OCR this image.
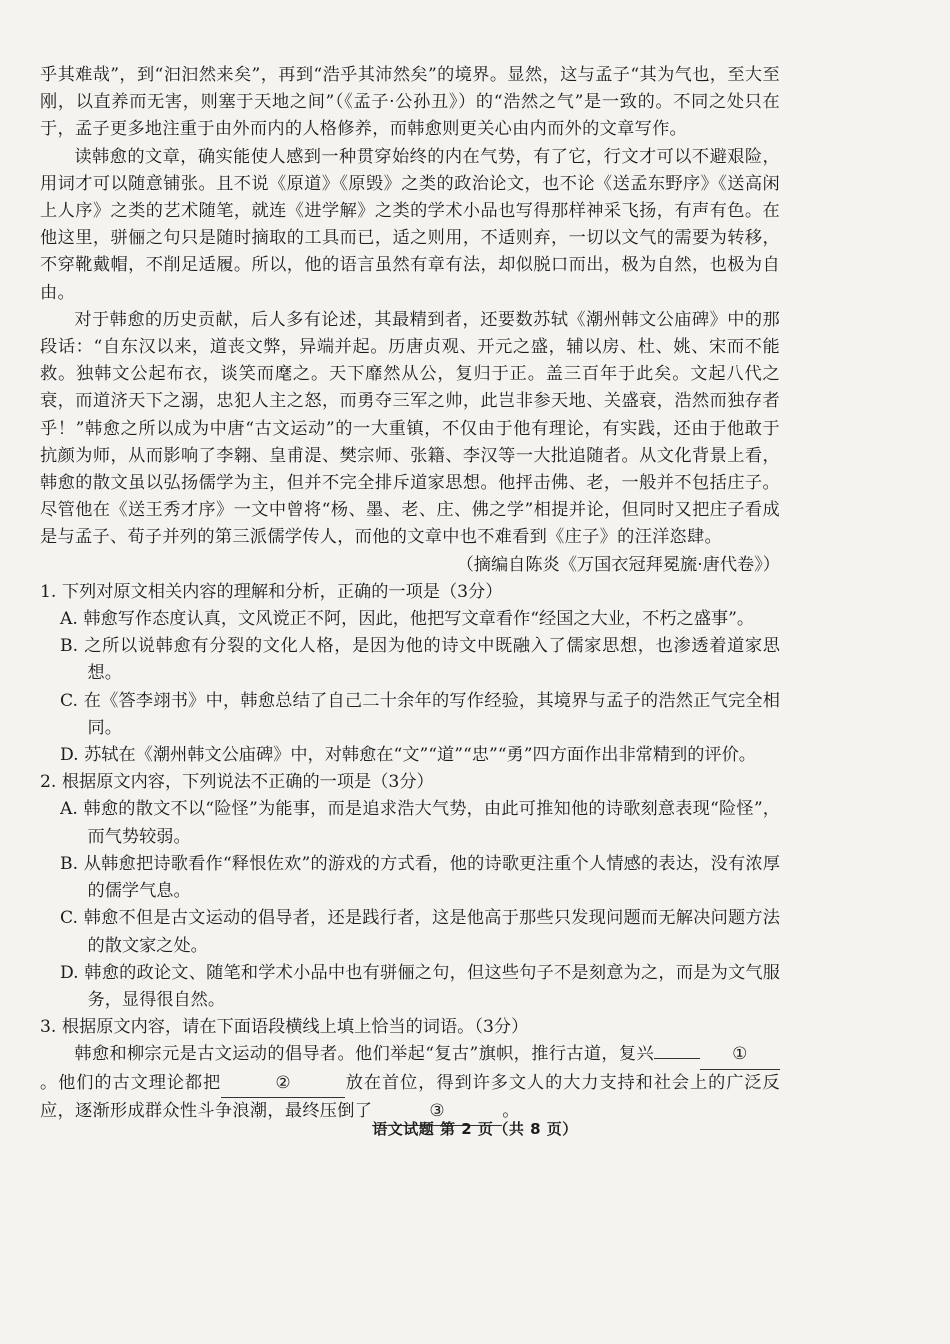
乎其难哉”，到“汩汩然来矣”，再到“浩乎其沛然矣”的境界。显然，这与孟子“其为气也，至大至刚，以直养而无害，则塞于天地之间”（《孟子·公孙丑》）的“浩然之气”是一致的。不同之处只在于，孟子更多地注重于由外而内的人格修养，而韩愈则更关心由内而外的文章写作。

读韩愈的文章，确实能使人感到一种贯穿始终的内在气势，有了它，行文才可以不避艰险，用词才可以随意铺张。且不说《原道》《原毁》之类的政治论文，也不论《送孟东野序》《送高闲上人序》之类的艺术随笔，就连《进学解》之类的学术小品也写得那样神采飞扬，有声有色。在他这里，骈俪之句只是随时摘取的工具而已，适之则用，不适则弃，一切以文气的需要为转移，不穿靴戴帽，不削足适履。所以，他的语言虽然有章有法，却似脱口而出，极为自然，也极为自由。

对于韩愈的历史贡献，后人多有论述，其最精到者，还要数苏轼《潮州韩文公庙碑》中的那段话：“自东汉以来，道丧文弊，异端并起。历唐贞观、开元之盛，辅以房、杜、姚、宋而不能救。独韩文公起布衣，谈笑而麾之。天下靡然从公，复归于正。盖三百年于此矣。文起八代之衰，而道济天下之溺，忠犯人主之怒，而勇夺三军之帅，此岂非参天地、关盛衰，浩然而独存者乎！”韩愈之所以成为中唐“古文运动”的一大重镇，不仅由于他有理论，有实践，还由于他敢于抗颜为师，从而影响了李翱、皇甫湜、樊宗师、张籍、李汉等一大批追随者。从文化背景上看，韩愈的散文虽以弘扬儒学为主，但并不完全排斥道家思想。他抨击佛、老，一般并不包括庄子。尽管他在《送王秀才序》一文中曾将“杨、墨、老、庄、佛之学”相提并论，但同时又把庄子看成是与孟子、荀子并列的第三派儒学传人，而他的文章中也不难看到《庄子》的汪洋恣肆。

（摘编自陈炎《万国衣冠拜冕旒·唐代卷》）

1. 下列对原文相关内容的理解和分析，正确的一项是（3分）

A. 韩愈写作态度认真，文风谠正不阿，因此，他把写文章看作“经国之大业，不朽之盛事”。

B. 之所以说韩愈有分裂的文化人格，是因为他的诗文中既融入了儒家思想，也渗透着道家思想。

C. 在《答李翊书》中，韩愈总结了自己二十余年的写作经验，其境界与孟子的浩然正气完全相同。

D. 苏轼在《潮州韩文公庙碑》中，对韩愈在“文”“道”“忠”“勇”四方面作出非常精到的评价。

2. 根据原文内容，下列说法不正确的一项是（3分）

A. 韩愈的散文不以“险怪”为能事，而是追求浩大气势，由此可推知他的诗歌刻意表现“险怪”，而气势较弱。

B. 从韩愈把诗歌看作“释恨佐欢”的游戏的方式看，他的诗歌更注重个人情感的表达，没有浓厚的儒学气息。

C. 韩愈不但是古文运动的倡导者，还是践行者，这是他高于那些只发现问题而无解决问题方法的散文家之处。

D. 韩愈的政论文、随笔和学术小品中也有骈俪之句，但这些句子不是刻意为之，而是为文气服务，显得很自然。

3. 根据原文内容，请在下面语段横线上填上恰当的词语。（3分）

韩愈和柳宗元是古文运动的倡导者。他们举起“复古”旗帜，推行古道，复兴	①。他们的古文理论都把	②	放在首位，得到许多文人的大力支持和社会上的广泛反应，逐渐形成群众性斗争浪潮，最终压倒了	③	。

语文试题 第 2 页（共 8 页）
